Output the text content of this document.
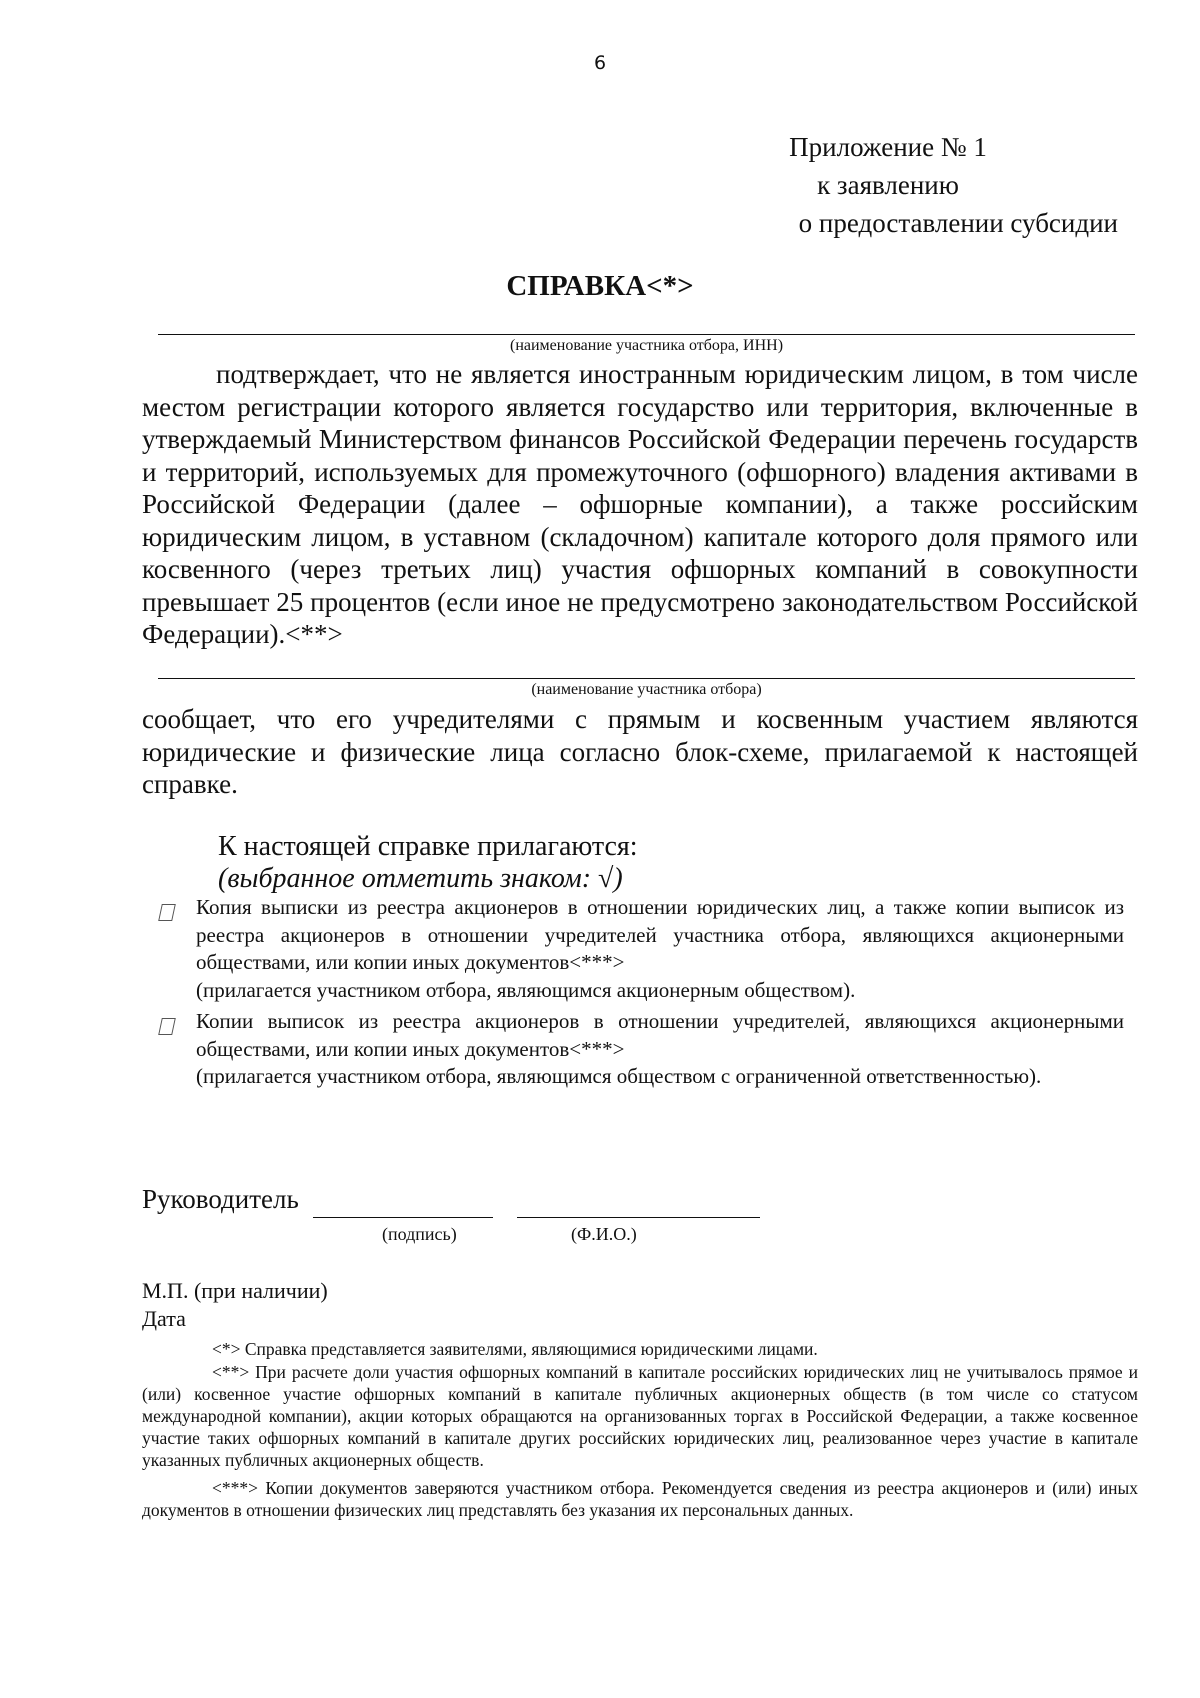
6
Приложение № 1
к заявлению
о предоставлении субсидии
СПРАВКА<*>
(наименование участника отбора, ИНН)
подтверждает, что не является иностранным юридическим лицом, в том числе местом регистрации которого является государство или территория, включенные в утверждаемый Министерством финансов Российской Федерации перечень государств и территорий, используемых для промежуточного (офшорного) владения активами в Российской Федерации (далее – офшорные компании), а также российским юридическим лицом, в уставном (складочном) капитале которого доля прямого или косвенного (через третьих лиц) участия офшорных компаний в совокупности превышает 25 процентов (если иное не предусмотрено законодательством Российской Федерации).<**>
(наименование участника отбора)
сообщает, что его учредителями с прямым и косвенным участием являются юридические и физические лица согласно блок-схеме, прилагаемой к настоящей справке.
К настоящей справке прилагаются:
(выбранное отметить знаком: √)
Копия выписки из реестра акционеров в отношении юридических лиц, а также копии выписок из реестра акционеров в отношении учредителей участника отбора, являющихся акционерными обществами, или копии иных документов<***>
(прилагается участником отбора, являющимся акционерным обществом).
Копии выписок из реестра акционеров в отношении учредителей, являющихся акционерными обществами, или копии иных документов<***>
(прилагается участником отбора, являющимся обществом с ограниченной ответственностью).
Руководитель
(подпись)	(Ф.И.О.)
М.П. (при наличии)
Дата
<*> Справка представляется заявителями, являющимися юридическими лицами.
<**> При расчете доли участия офшорных компаний в капитале российских юридических лиц не учитывалось прямое и (или) косвенное участие офшорных компаний в капитале публичных акционерных обществ (в том числе со статусом международной компании), акции которых обращаются на организованных торгах в Российской Федерации, а также косвенное участие таких офшорных компаний в капитале других российских юридических лиц, реализованное через участие в капитале указанных публичных акционерных обществ.
<***> Копии документов заверяются участником отбора. Рекомендуется сведения из реестра акционеров и (или) иных документов в отношении физических лиц представлять без указания их персональных данных.
